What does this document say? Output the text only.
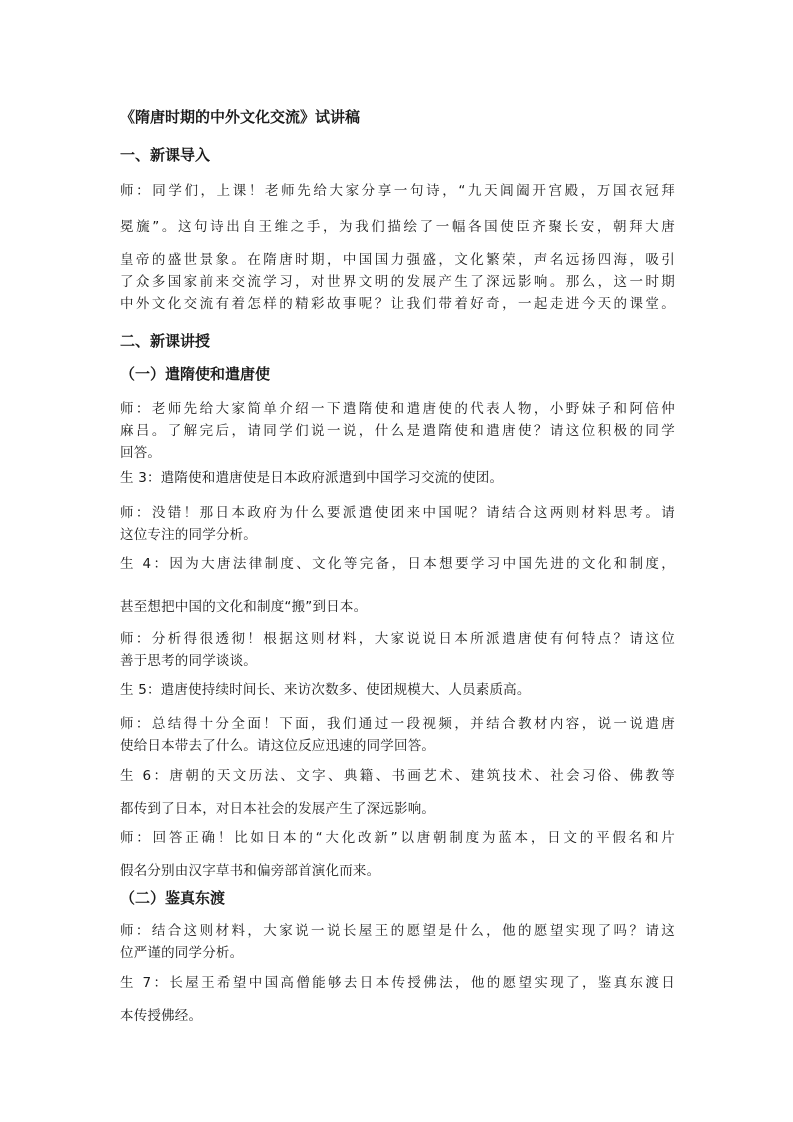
《隋唐时期的中外文化交流》试讲稿
一、新课导入
师：同学们，上课！老师先给大家分享一句诗，“九天阊阖开宫殿，万国衣冠拜
冕旒”。这句诗出自王维之手，为我们描绘了一幅各国使臣齐聚长安，朝拜大唐
皇帝的盛世景象。在隋唐时期，中国国力强盛，文化繁荣，声名远扬四海，吸引
了众多国家前来交流学习，对世界文明的发展产生了深远影响。那么，这一时期
中外文化交流有着怎样的精彩故事呢？让我们带着好奇，一起走进今天的课堂。
二、新课讲授
（一）遣隋使和遣唐使
师：老师先给大家简单介绍一下遣隋使和遣唐使的代表人物，小野妹子和阿倍仲
麻吕。了解完后，请同学们说一说，什么是遣隋使和遣唐使？请这位积极的同学
回答。
生 3：遣隋使和遣唐使是日本政府派遣到中国学习交流的使团。
师：没错！那日本政府为什么要派遣使团来中国呢？请结合这两则材料思考。请
这位专注的同学分析。
生 4：因为大唐法律制度、文化等完备，日本想要学习中国先进的文化和制度，
甚至想把中国的文化和制度“搬”到日本。
师：分析得很透彻！根据这则材料，大家说说日本所派遣唐使有何特点？请这位
善于思考的同学谈谈。
生 5：遣唐使持续时间长、来访次数多、使团规模大、人员素质高。
师：总结得十分全面！下面，我们通过一段视频，并结合教材内容，说一说遣唐
使给日本带去了什么。请这位反应迅速的同学回答。
生 6：唐朝的天文历法、文字、典籍、书画艺术、建筑技术、社会习俗、佛教等
都传到了日本，对日本社会的发展产生了深远影响。
师：回答正确！比如日本的“大化改新”以唐朝制度为蓝本，日文的平假名和片
假名分别由汉字草书和偏旁部首演化而来。
（二）鉴真东渡
师：结合这则材料，大家说一说长屋王的愿望是什么，他的愿望实现了吗？请这
位严谨的同学分析。
生 7：长屋王希望中国高僧能够去日本传授佛法，他的愿望实现了，鉴真东渡日
本传授佛经。
